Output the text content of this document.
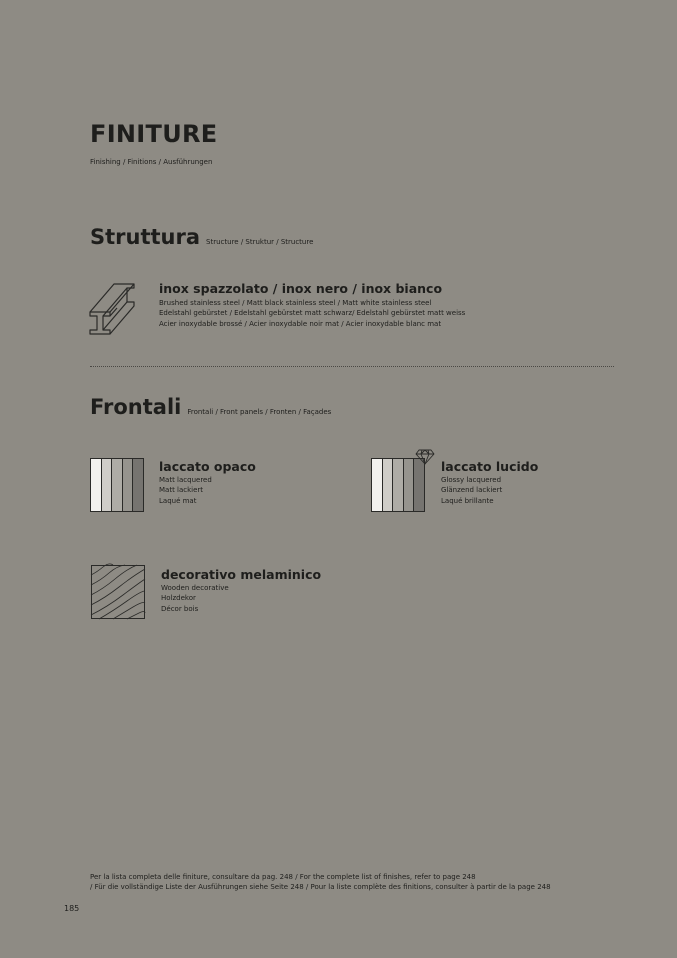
FINITURE
Finishing / Finitions / Ausführungen
Struttura Structure / Struktur / Structure
inox spazzolato / inox nero / inox bianco
Brushed stainless steel / Matt black stainless steel / Matt white stainless steel
Edelstahl gebürstet / Edelstahl gebürstet matt schwarz/ Edelstahl gebürstet matt weiss
Acier inoxydable brossé / Acier inoxydable noir mat / Acier inoxydable blanc mat
Frontali Frontali / Front panels / Fronten / Façades
laccato opaco
Matt lacquered
Matt lackiert
Laqué mat
laccato lucido
Glossy lacquered
Glänzend lackiert
Laqué brillante
decorativo melaminico
Wooden decorative
Holzdekor
Décor bois
Per la lista completa delle finiture, consultare da pag. 248 / For the complete list of finishes, refer to page 248
/ Für die vollständige Liste der Ausführungen siehe Seite 248 / Pour la liste complète des finitions, consulter à partir de la page 248
185
